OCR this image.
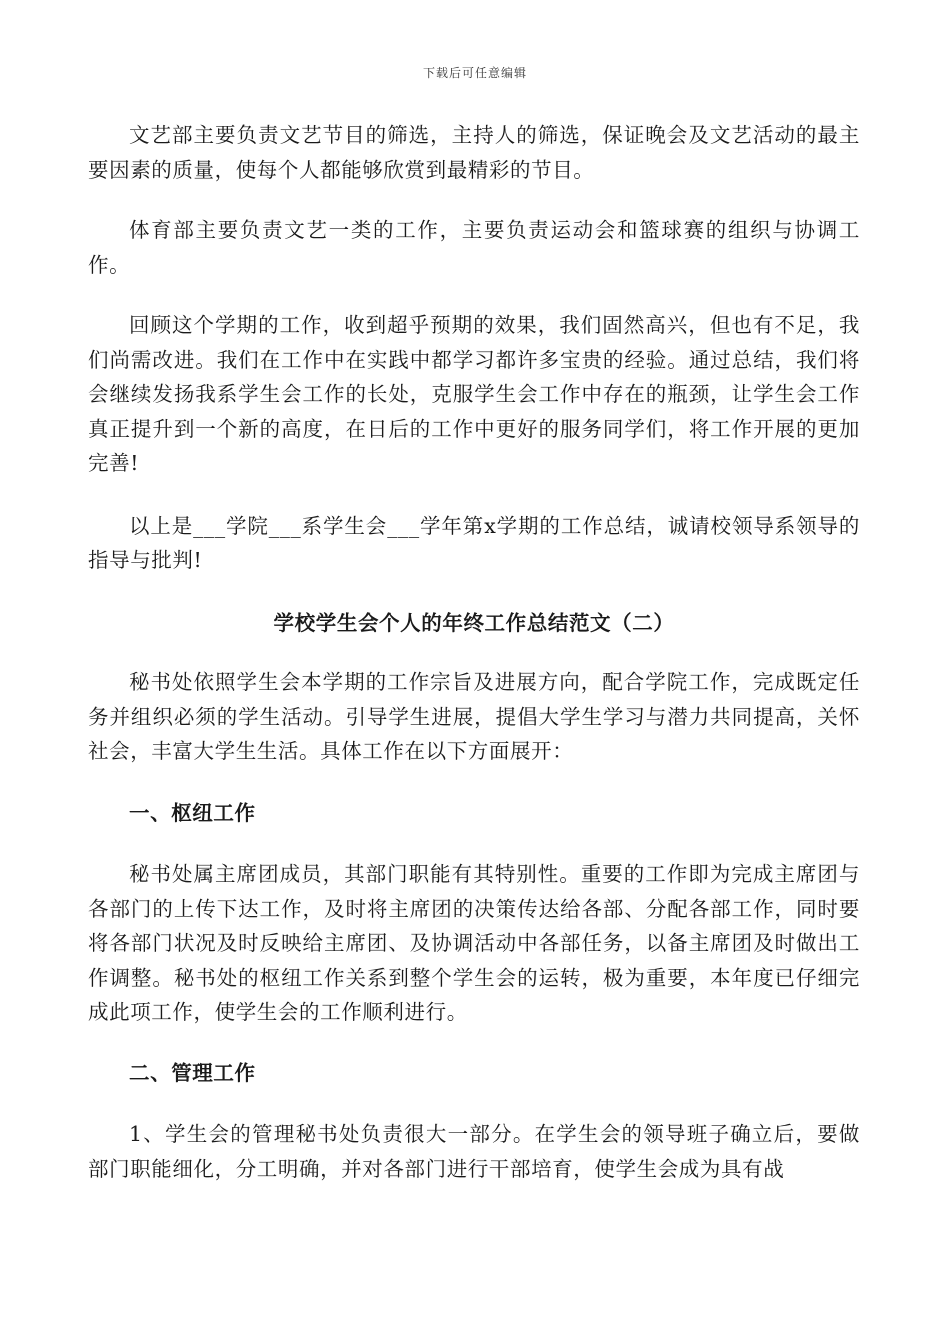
下载后可任意编辑

文艺部主要负责文艺节目的筛选，主持人的筛选，保证晚会及文艺活动的最主要因素的质量，使每个人都能够欣赏到最精彩的节目。

体育部主要负责文艺一类的工作，主要负责运动会和篮球赛的组织与协调工作。

回顾这个学期的工作，收到超乎预期的效果，我们固然高兴，但也有不足，我们尚需改进。我们在工作中在实践中都学习都许多宝贵的经验。通过总结，我们将会继续发扬我系学生会工作的长处，克服学生会工作中存在的瓶颈，让学生会工作真正提升到一个新的高度，在日后的工作中更好的服务同学们，将工作开展的更加完善!

以上是___学院___系学生会___学年第x学期的工作总结，诚请校领导系领导的指导与批判!

学校学生会个人的年终工作总结范文（二）

秘书处依照学生会本学期的工作宗旨及进展方向，配合学院工作，完成既定任务并组织必须的学生活动。引导学生进展，提倡大学生学习与潜力共同提高，关怀社会，丰富大学生生活。具体工作在以下方面展开：

一、枢纽工作

秘书处属主席团成员，其部门职能有其特别性。重要的工作即为完成主席团与各部门的上传下达工作，及时将主席团的决策传达给各部、分配各部工作，同时要将各部门状况及时反映给主席团、及协调活动中各部任务，以备主席团及时做出工作调整。秘书处的枢纽工作关系到整个学生会的运转，极为重要，本年度已仔细完成此项工作，使学生会的工作顺利进行。

二、管理工作

1、学生会的管理秘书处负责很大一部分。在学生会的领导班子确立后，要做部门职能细化，分工明确，并对各部门进行干部培育，使学生会成为具有战
